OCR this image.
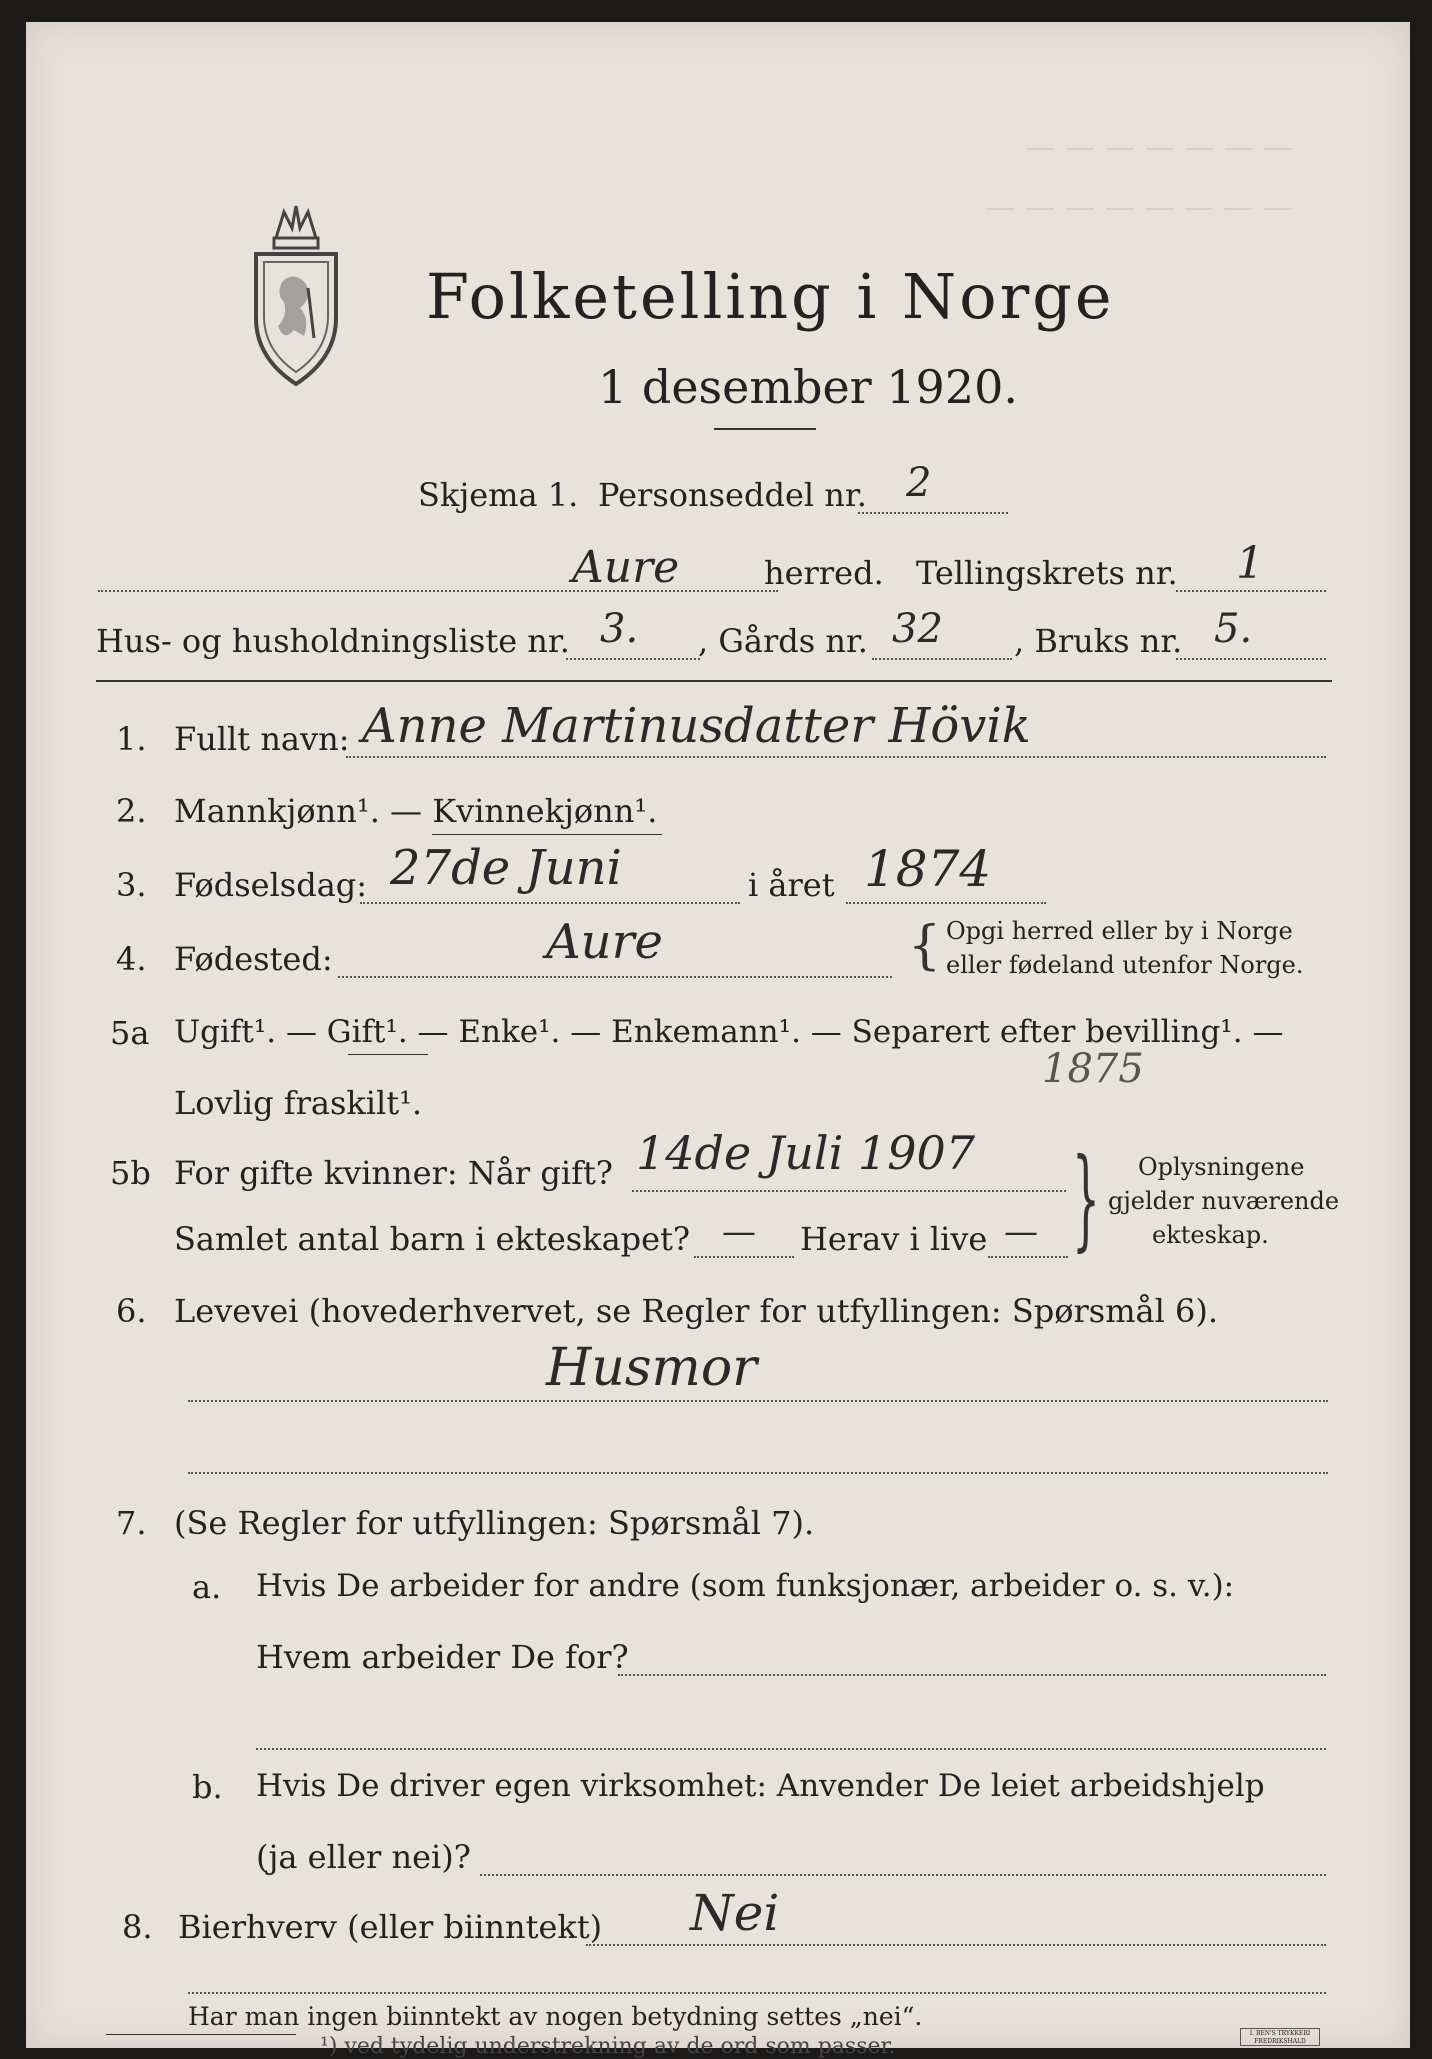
— — — — — — —
— — — — — — — —
Folketelling i Norge
1 desember 1920.
Skjema 1. Personseddel nr. 2
Aure	herred. Tellingskrets nr. 1
Hus- og husholdningsliste nr. 3. , Gårds nr. 32 , Bruks nr. 5.
1. Fullt navn: Anne Martinusdatter Hövik
2. Mannkjønn¹. — Kvinnekjønn¹.
3. Fødselsdag: 27de Juni	i året 1874
4. Fødested:	Aure	{ Opgi herred eller by i Norge
eller fødeland utenfor Norge.
5a Ugift¹. — Gift¹. — Enke¹. — Enkemann¹. — Separert efter bevilling¹. —
Lovlig fraskilt¹.
1875
5b For gifte kvinner: Når gift? 14de Juli 1907
Samlet antal barn i ekteskapet? — Herav i live — } Oplysningene
gjelder nuværende
ekteskap.
6. Levevei (hovederhvervet, se Regler for utfyllingen: Spørsmål 6).
Husmor
7. (Se Regler for utfyllingen: Spørsmål 7).
a. Hvis De arbeider for andre (som funksjonær, arbeider o. s. v.):
Hvem arbeider De for?
b. Hvis De driver egen virksomhet: Anvender De leiet arbeidshjelp
(ja eller nei)?
8. Bierhverv (eller biinntekt) Nei
Har man ingen biinntekt av nogen betydning settes „nei“.
¹) ved tydelig understrekning av de ord som passer.
I. BEN'S TRYKKERI FREDRIKSHALD
